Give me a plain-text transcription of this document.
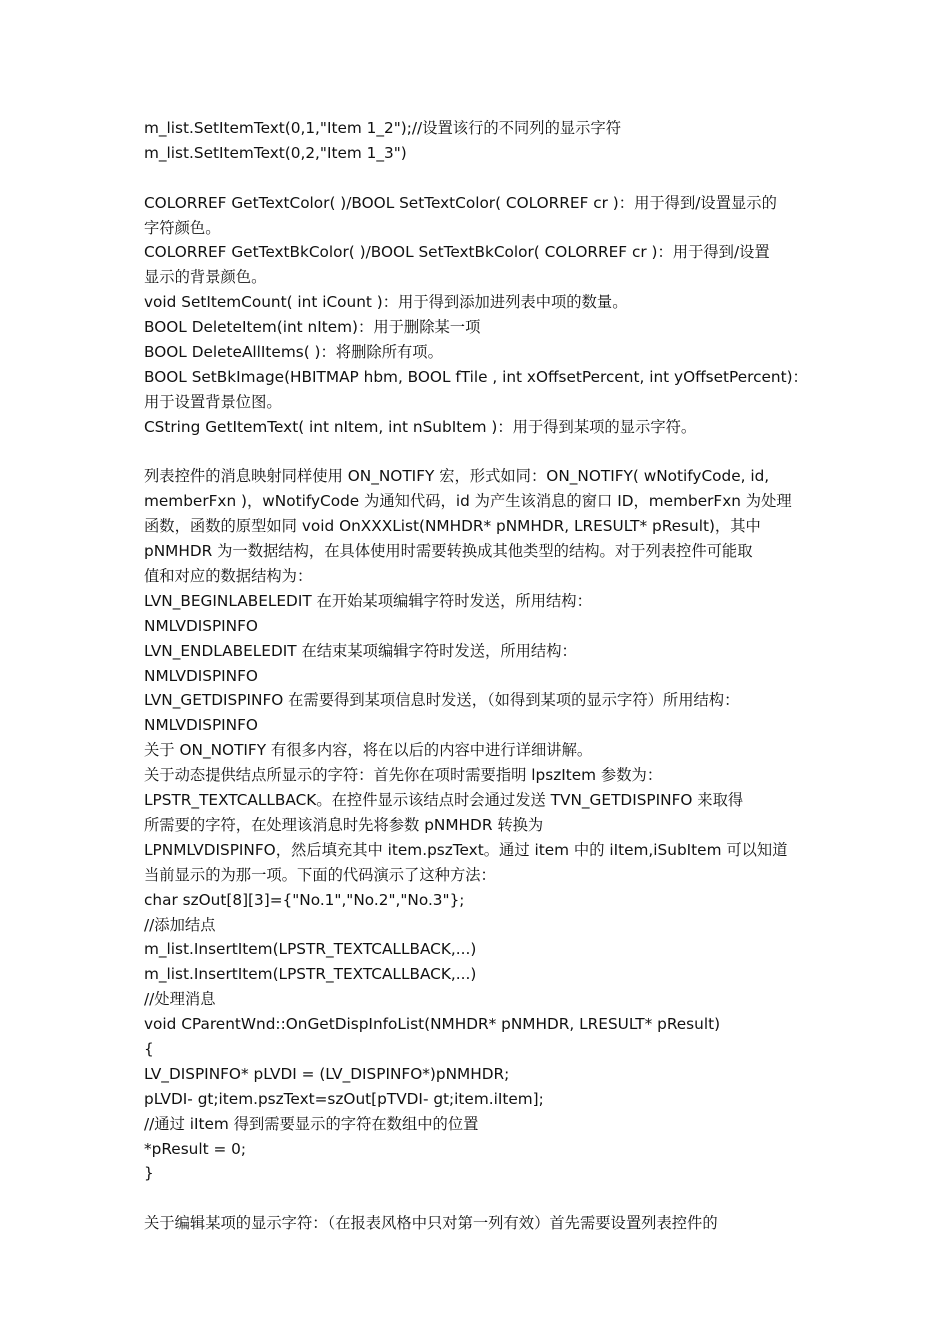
m_list.SetItemText(0,1,"Item 1_2");//设置该行的不同列的显示字符
m_list.SetItemText(0,2,"Item 1_3")
COLORREF GetTextColor( )/BOOL SetTextColor( COLORREF cr )：用于得到/设置显示的
字符颜色。
COLORREF GetTextBkColor( )/BOOL SetTextBkColor( COLORREF cr )：用于得到/设置
显示的背景颜色。
void SetItemCount( int iCount )：用于得到添加进列表中项的数量。
BOOL DeleteItem(int nItem)：用于删除某一项
BOOL DeleteAllItems( )：将删除所有项。
BOOL SetBkImage(HBITMAP hbm, BOOL fTile , int xOffsetPercent, int yOffsetPercent)：
用于设置背景位图。
CString GetItemText( int nItem, int nSubItem )：用于得到某项的显示字符。
列表控件的消息映射同样使用 ON_NOTIFY 宏，形式如同：ON_NOTIFY( wNotifyCode, id,
memberFxn )，wNotifyCode 为通知代码，id 为产生该消息的窗口 ID，memberFxn 为处理
函数，函数的原型如同 void OnXXXList(NMHDR* pNMHDR, LRESULT* pResult)，其中
pNMHDR 为一数据结构，在具体使用时需要转换成其他类型的结构。对于列表控件可能取
值和对应的数据结构为：
LVN_BEGINLABELEDIT 在开始某项编辑字符时发送，所用结构：
NMLVDISPINFO
LVN_ENDLABELEDIT 在结束某项编辑字符时发送，所用结构：
NMLVDISPINFO
LVN_GETDISPINFO 在需要得到某项信息时发送，（如得到某项的显示字符）所用结构：
NMLVDISPINFO
关于 ON_NOTIFY 有很多内容，将在以后的内容中进行详细讲解。
关于动态提供结点所显示的字符：首先你在项时需要指明 lpszItem 参数为：
LPSTR_TEXTCALLBACK。在控件显示该结点时会通过发送 TVN_GETDISPINFO 来取得
所需要的字符，在处理该消息时先将参数 pNMHDR 转换为
LPNMLVDISPINFO，然后填充其中 item.pszText。通过 item 中的 iItem,iSubItem 可以知道
当前显示的为那一项。下面的代码演示了这种方法：
char szOut[8][3]={"No.1","No.2","No.3"};
//添加结点
m_list.InsertItem(LPSTR_TEXTCALLBACK,...)
m_list.InsertItem(LPSTR_TEXTCALLBACK,...)
//处理消息
void CParentWnd::OnGetDispInfoList(NMHDR* pNMHDR, LRESULT* pResult)
{
LV_DISPINFO* pLVDI = (LV_DISPINFO*)pNMHDR;
pLVDI- gt;item.pszText=szOut[pTVDI- gt;item.iItem];
//通过 iItem 得到需要显示的字符在数组中的位置
*pResult = 0;
}
关于编辑某项的显示字符：（在报表风格中只对第一列有效）首先需要设置列表控件的
